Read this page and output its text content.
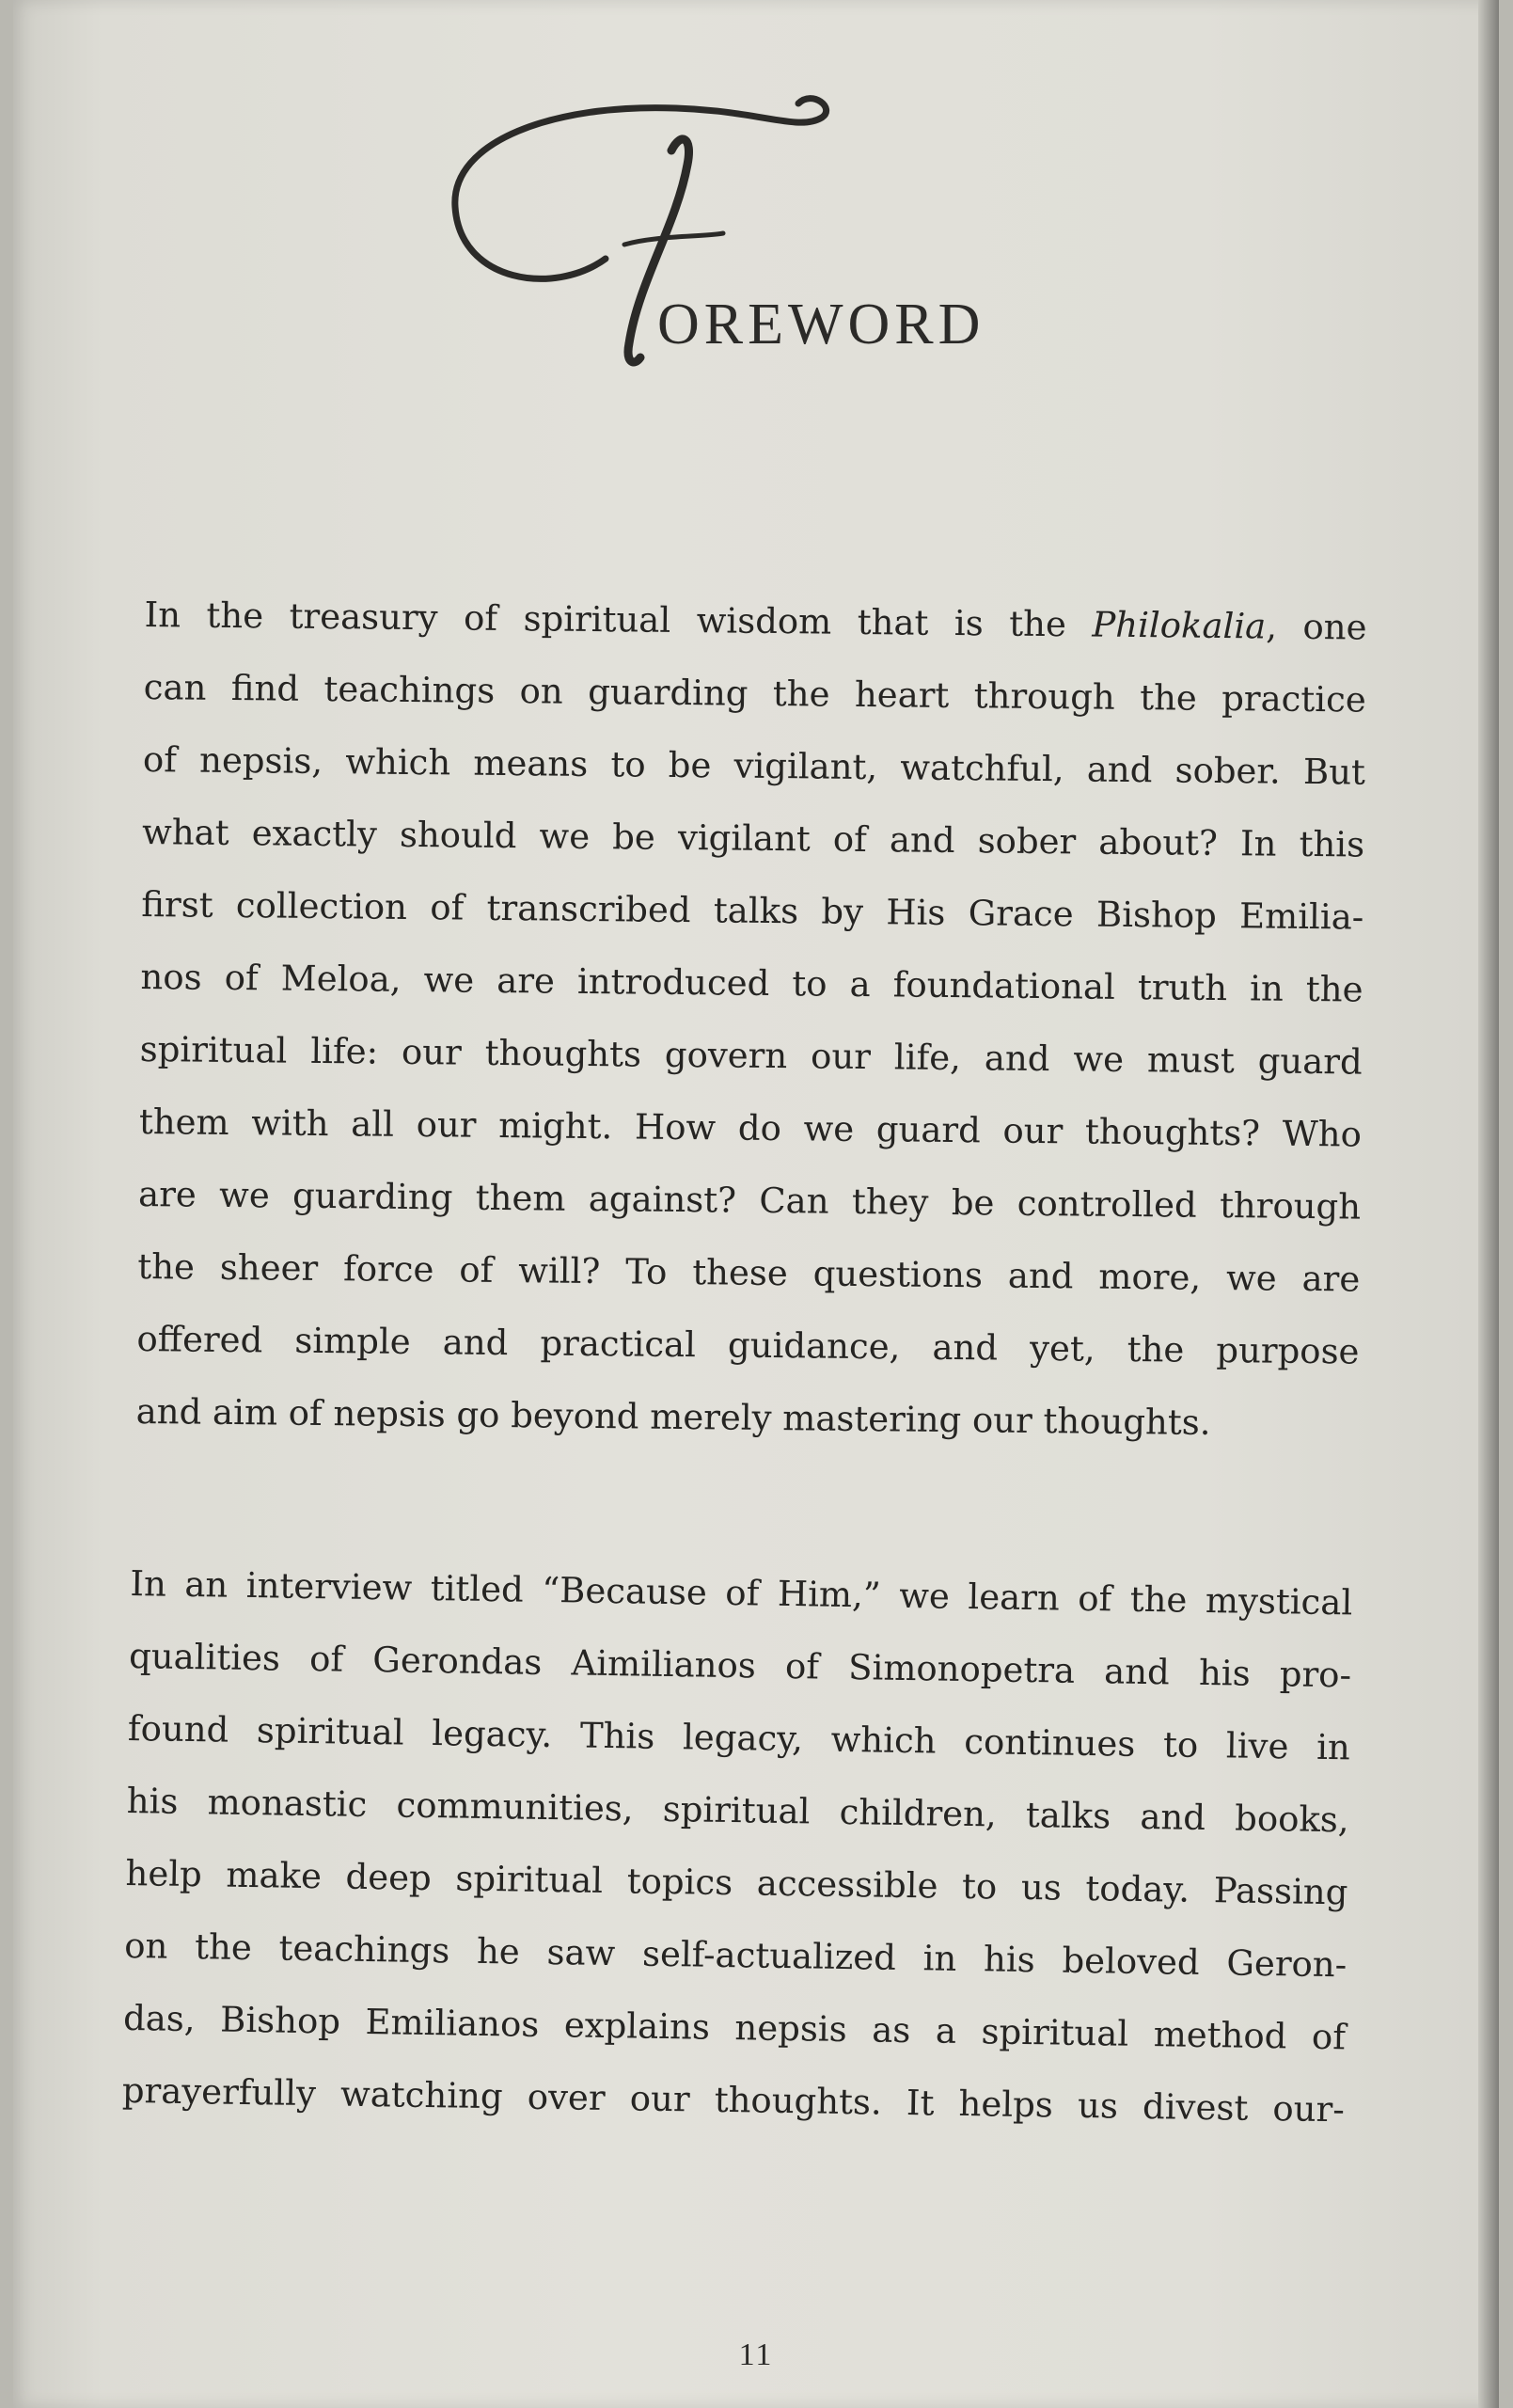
OREWORD
In the treasury of spiritual wisdom that is the Philokalia, one
can find teachings on guarding the heart through the practice
of nepsis, which means to be vigilant, watchful, and sober. But
what exactly should we be vigilant of and sober about? In this
first collection of transcribed talks by His Grace Bishop Emilia-
nos of Meloa, we are introduced to a foundational truth in the
spiritual life: our thoughts govern our life, and we must guard
them with all our might. How do we guard our thoughts? Who
are we guarding them against? Can they be controlled through
the sheer force of will? To these questions and more, we are
offered simple and practical guidance, and yet, the purpose
and aim of nepsis go beyond merely mastering our thoughts.
In an interview titled “Because of Him,” we learn of the mystical
qualities of Gerondas Aimilianos of Simonopetra and his pro-
found spiritual legacy. This legacy, which continues to live in
his monastic communities, spiritual children, talks and books,
help make deep spiritual topics accessible to us today. Passing
on the teachings he saw self-actualized in his beloved Geron-
das, Bishop Emilianos explains nepsis as a spiritual method of
prayerfully watching over our thoughts. It helps us divest our-
11
